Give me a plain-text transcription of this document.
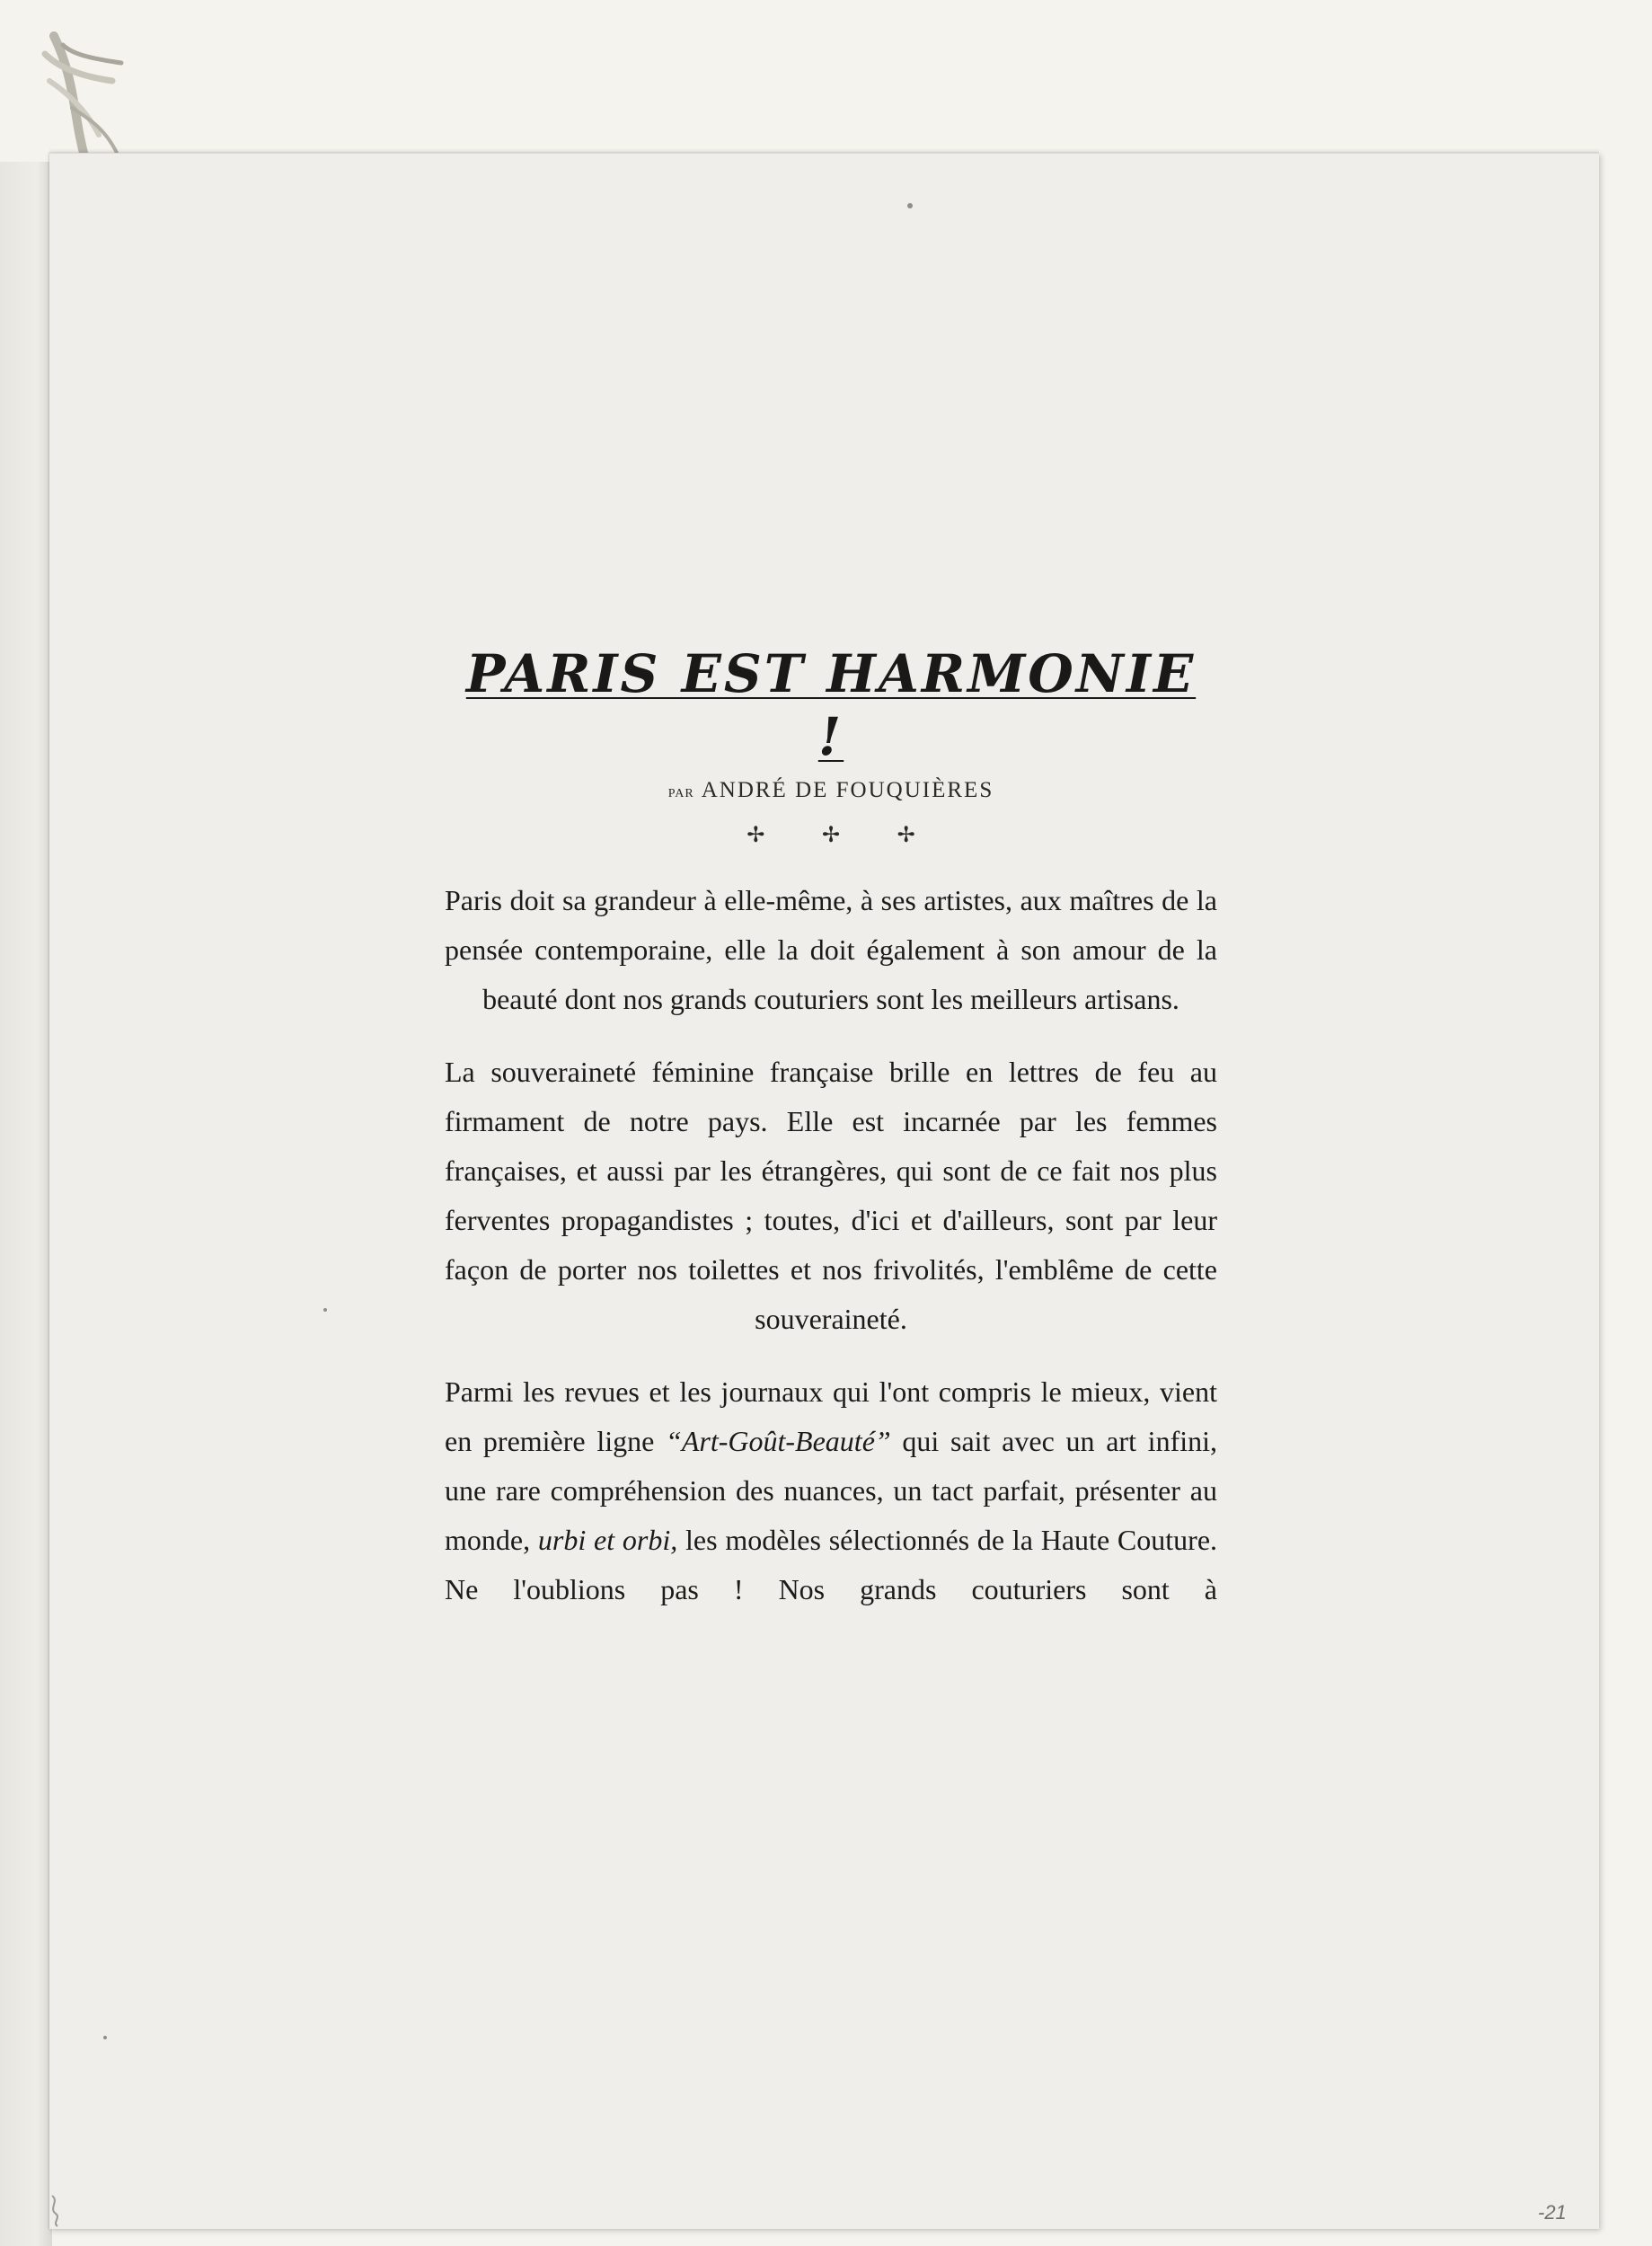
PARIS EST HARMONIE !
PAR ANDRÉ DE FOUQUIÈRES
✢ ✢ ✢

Paris doit sa grandeur à elle-même, à ses artistes, aux maîtres de la pensée contemporaine, elle la doit également à son amour de la beauté dont nos grands couturiers sont les meilleurs artisans.

La souveraineté féminine française brille en lettres de feu au firmament de notre pays. Elle est incarnée par les femmes françaises, et aussi par les étrangères, qui sont de ce fait nos plus ferventes propagandistes ; toutes, d'ici et d'ailleurs, sont par leur façon de porter nos toilettes et nos frivolités, l'emblême de cette souveraineté.

Parmi les revues et les journaux qui l'ont compris le mieux, vient en première ligne “Art-Goût-Beauté” qui sait avec un art infini, une rare compréhension des nuances, un tact parfait, présenter au monde, urbi et orbi, les modèles sélectionnés de la Haute Couture. Ne l'oublions pas ! Nos grands couturiers sont à

-21
